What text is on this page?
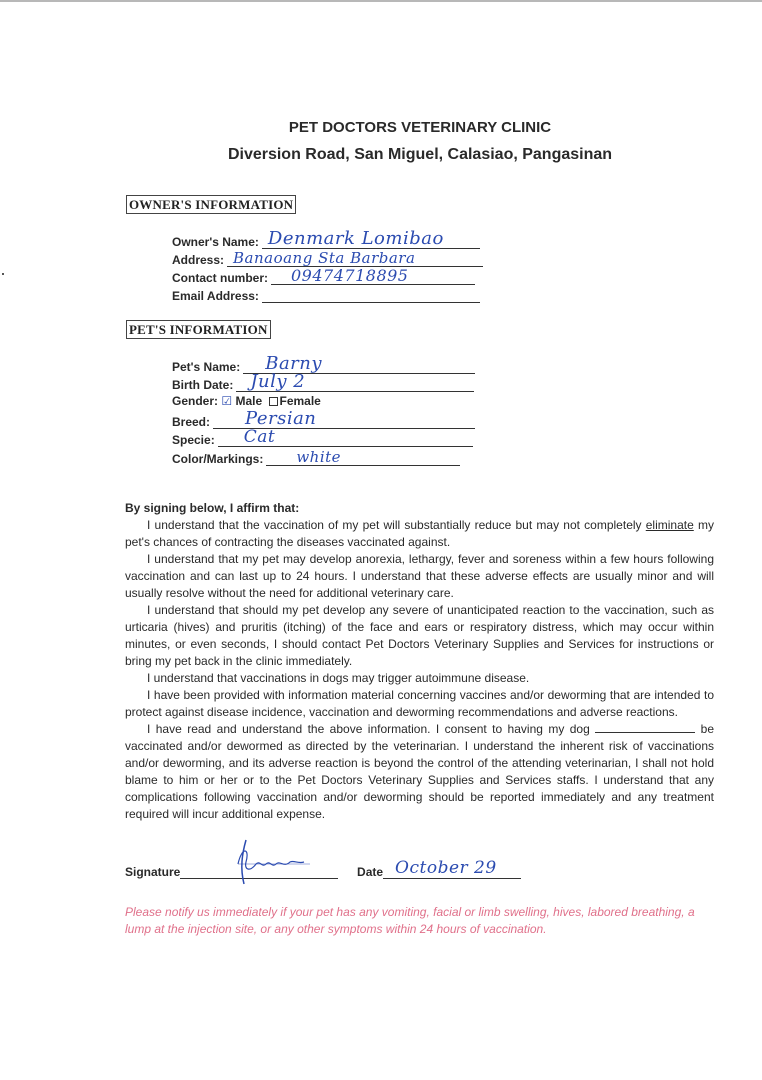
PET DOCTORS VETERINARY CLINIC
Diversion Road, San Miguel, Calasiao, Pangasinan
OWNER'S INFORMATION
Owner's Name: Denmark Lomibao
Address: Banaoang Sta Barbara
Contact number: 09474718895
Email Address:
PET'S INFORMATION
Pet's Name: Barny
Birth Date: July 2
Gender: ☑ Male Female
Breed: Persian
Specie: Cat
Color/Markings: white

By signing below, I affirm that:

I understand that the vaccination of my pet will substantially reduce but may not completely eliminate my pet's chances of contracting the diseases vaccinated against.

I understand that my pet may develop anorexia, lethargy, fever and soreness within a few hours following vaccination and can last up to 24 hours. I understand that these adverse effects are usually minor and will usually resolve without the need for additional veterinary care.

I understand that should my pet develop any severe of unanticipated reaction to the vaccination, such as urticaria (hives) and pruritis (itching) of the face and ears or respiratory distress, which may occur within minutes, or even seconds, I should contact Pet Doctors Veterinary Supplies and Services for instructions or bring my pet back in the clinic immediately.

I understand that vaccinations in dogs may trigger autoimmune disease.

I have been provided with information material concerning vaccines and/or deworming that are intended to protect against disease incidence, vaccination and deworming recommendations and adverse reactions.

I have read and understand the above information. I consent to having my dog	be vaccinated and/or dewormed as directed by the veterinarian. I understand the inherent risk of vaccinations and/or deworming, and its adverse reaction is beyond the control of the attending veterinarian, I shall not hold blame to him or her or to the Pet Doctors Veterinary Supplies and Services staffs. I understand that any complications following vaccination and/or deworming should be reported immediately and any treatment required will incur additional expense.

Signature	Date October 29
Please notify us immediately if your pet has any vomiting, facial or limb swelling, hives, labored breathing, a lump at the injection site, or any other symptoms within 24 hours of vaccination.
